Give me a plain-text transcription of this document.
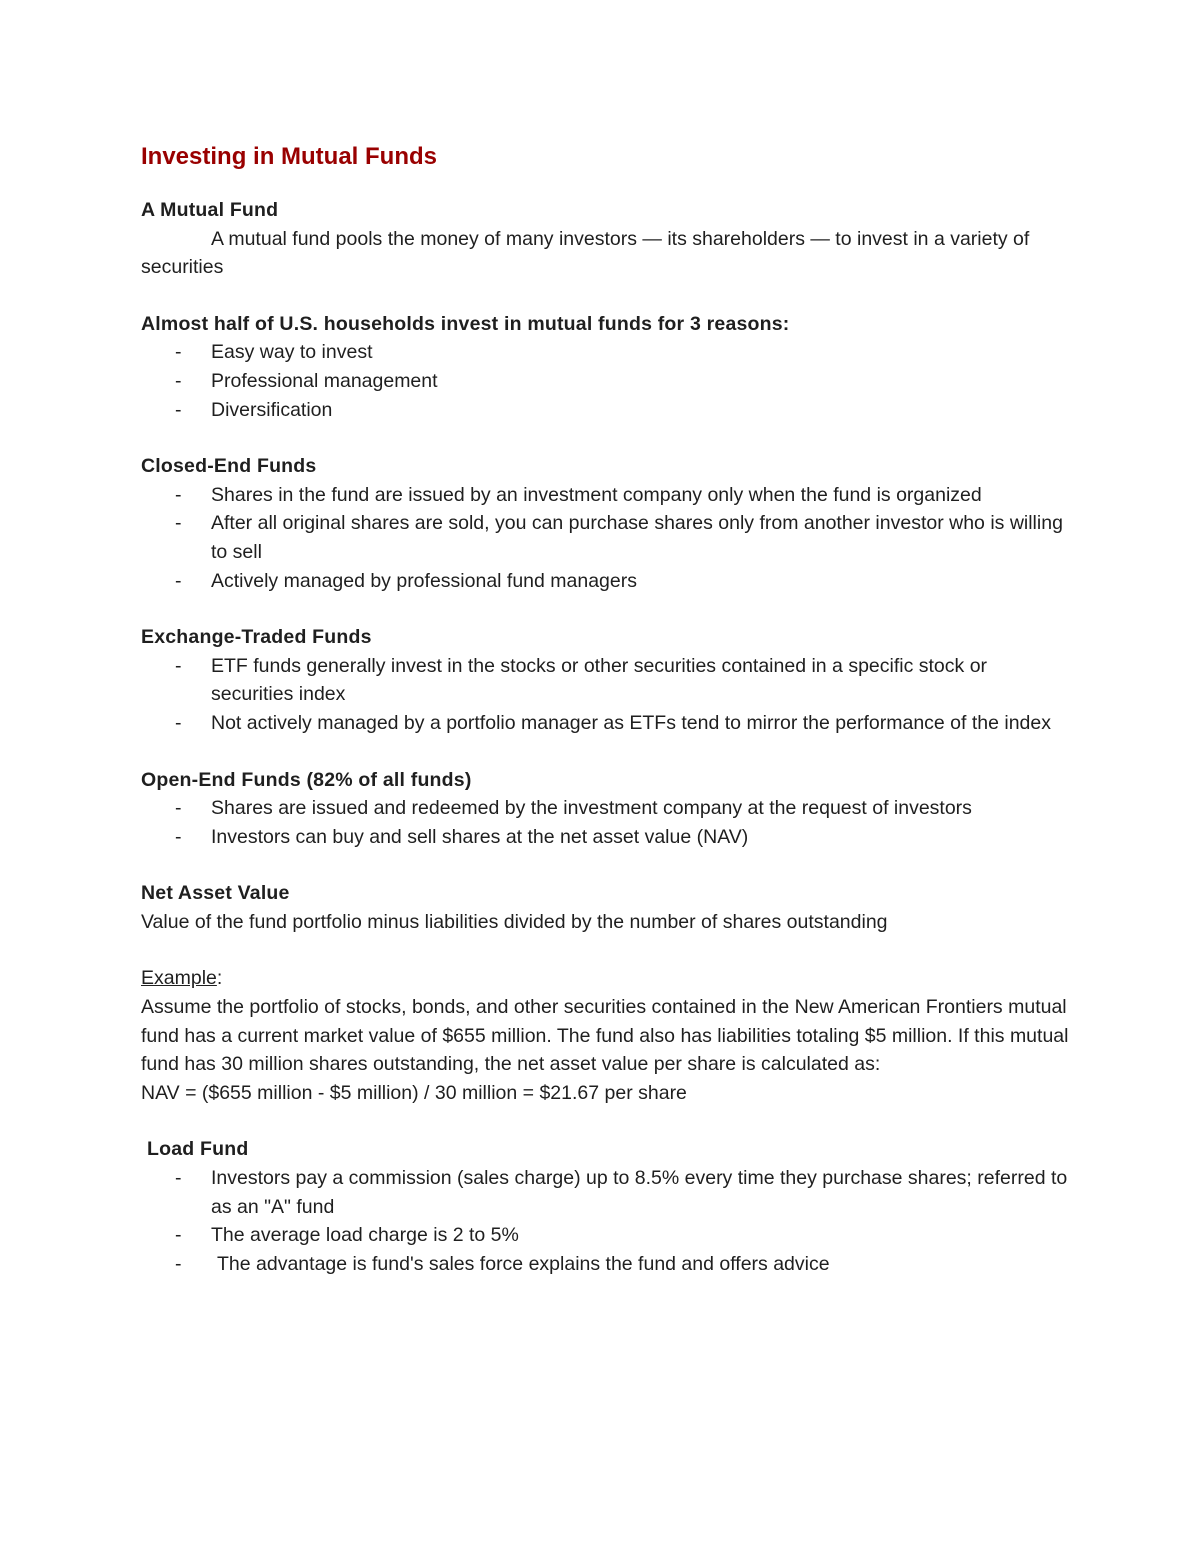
Investing in Mutual Funds

A Mutual Fund

A mutual fund pools the money of many investors — its shareholders — to invest in a variety of securities

Almost half of U.S. households invest in mutual funds for 3 reasons:

- Easy way to invest
- Professional management
- Diversification

Closed-End Funds

- Shares in the fund are issued by an investment company only when the fund is organized
- After all original shares are sold, you can purchase shares only from another investor who is willing to sell
- Actively managed by professional fund managers

Exchange-Traded Funds

- ETF funds generally invest in the stocks or other securities contained in a specific stock or securities index
- Not actively managed by a portfolio manager as ETFs tend to mirror the performance of the index

Open-End Funds (82% of all funds)

- Shares are issued and redeemed by the investment company at the request of investors
- Investors can buy and sell shares at the net asset value (NAV)

Net Asset Value

Value of the fund portfolio minus liabilities divided by the number of shares outstanding

Example:

Assume the portfolio of stocks, bonds, and other securities contained in the New American Frontiers mutual fund has a current market value of $655 million. The fund also has liabilities totaling $5 million. If this mutual fund has 30 million shares outstanding, the net asset value per share is calculated as:

NAV = ($655 million - $5 million) / 30 million = $21.67 per share

Load Fund

- Investors pay a commission (sales charge) up to 8.5% every time they purchase shares; referred to as an "A" fund
- The average load charge is 2 to 5%
- The advantage is fund's sales force explains the fund and offers advice
